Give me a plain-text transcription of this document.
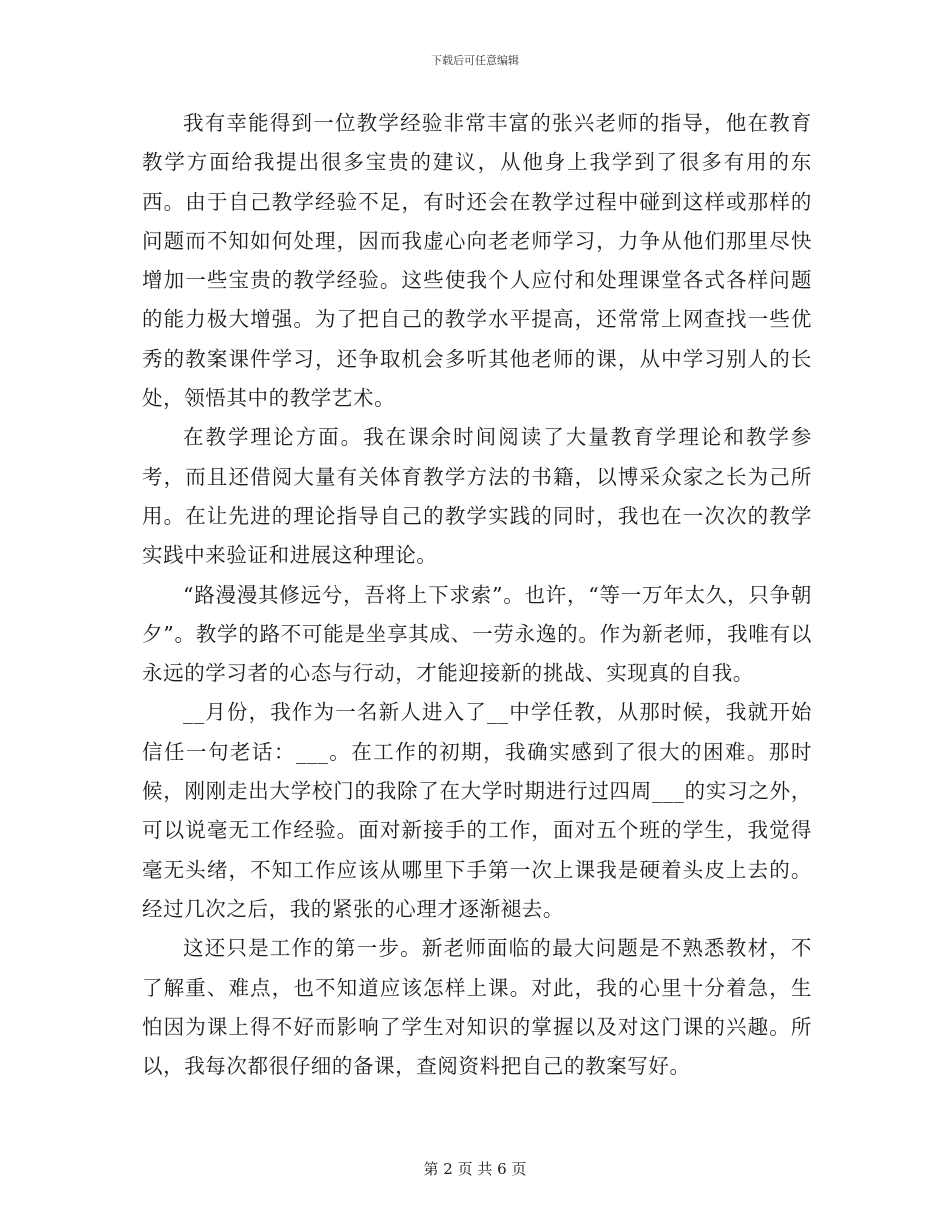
下载后可任意编辑

我有幸能得到一位教学经验非常丰富的张兴老师的指导，他在教育教学方面给我提出很多宝贵的建议，从他身上我学到了很多有用的东西。由于自己教学经验不足，有时还会在教学过程中碰到这样或那样的问题而不知如何处理，因而我虚心向老老师学习，力争从他们那里尽快增加一些宝贵的教学经验。这些使我个人应付和处理课堂各式各样问题的能力极大增强。为了把自己的教学水平提高，还常常上网查找一些优秀的教案课件学习，还争取机会多听其他老师的课，从中学习别人的长处，领悟其中的教学艺术。

在教学理论方面。我在课余时间阅读了大量教育学理论和教学参考，而且还借阅大量有关体育教学方法的书籍，以博采众家之长为己所用。在让先进的理论指导自己的教学实践的同时，我也在一次次的教学实践中来验证和进展这种理论。

“路漫漫其修远兮，吾将上下求索”。也许，“等一万年太久，只争朝夕”。教学的路不可能是坐享其成、一劳永逸的。作为新老师，我唯有以永远的学习者的心态与行动，才能迎接新的挑战、实现真的自我。

__月份，我作为一名新人进入了__中学任教，从那时候，我就开始信任一句老话：___。在工作的初期，我确实感到了很大的困难。那时候，刚刚走出大学校门的我除了在大学时期进行过四周___的实习之外，可以说毫无工作经验。面对新接手的工作，面对五个班的学生，我觉得毫无头绪，不知工作应该从哪里下手第一次上课我是硬着头皮上去的。经过几次之后，我的紧张的心理才逐渐褪去。

这还只是工作的第一步。新老师面临的最大问题是不熟悉教材，不了解重、难点，也不知道应该怎样上课。对此，我的心里十分着急，生怕因为课上得不好而影响了学生对知识的掌握以及对这门课的兴趣。所以，我每次都很仔细的备课，查阅资料把自己的教案写好。

第 2 页 共 6 页
